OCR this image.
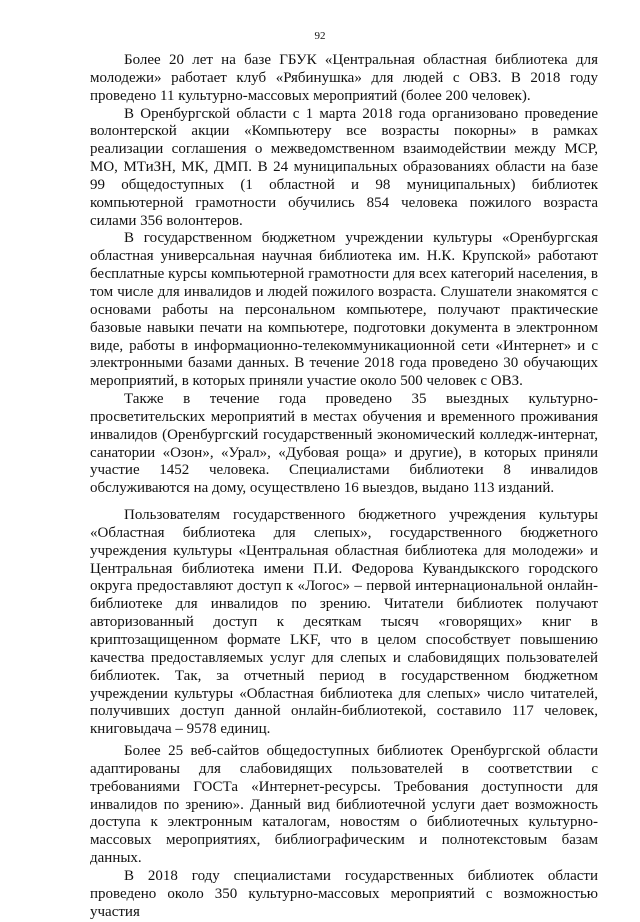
92

Более 20 лет на базе ГБУК «Центральная областная библиотека для молодежи» работает клуб «Рябинушка» для людей с ОВЗ. В 2018 году проведено 11 культурно-массовых мероприятий (более 200 человек).

В Оренбургской области с 1 марта 2018 года организовано проведение волонтерской акции «Компьютеру все возрасты покорны» в рамках реализации соглашения о межведомственном взаимодействии между МСР, МО, МТиЗН, МК, ДМП. В 24 муниципальных образованиях области на базе 99 общедоступных (1 областной и 98 муниципальных) библиотек компьютерной грамотности обучились 854 человека пожилого возраста силами 356 волонтеров.

В государственном бюджетном учреждении культуры «Оренбургская областная универсальная научная библиотека им. Н.К. Крупской» работают бесплатные курсы компьютерной грамотности для всех категорий населения, в том числе для инвалидов и людей пожилого возраста. Слушатели знакомятся с основами работы на персональном компьютере, получают практические базовые навыки печати на компьютере, подготовки документа в электронном виде, работы в информационно-телекоммуникационной сети «Интернет» и с электронными базами данных. В течение 2018 года проведено 30 обучающих мероприятий, в которых приняли участие около 500 человек с ОВЗ.

Также в течение года проведено 35 выездных культурно-просветительских мероприятий в местах обучения и временного проживания инвалидов (Оренбургский государственный экономический колледж-интернат, санатории «Озон», «Урал», «Дубовая роща» и другие), в которых приняли участие 1452 человека. Специалистами библиотеки 8 инвалидов обслуживаются на дому, осуществлено 16 выездов, выдано 113 изданий.

Пользователям государственного бюджетного учреждения культуры «Областная библиотека для слепых», государственного бюджетного учреждения культуры «Центральная областная библиотека для молодежи» и Центральная библиотека имени П.И. Федорова Кувандыкского городского округа предоставляют доступ к «Логос» – первой интернациональной онлайн-библиотеке для инвалидов по зрению. Читатели библиотек получают авторизованный доступ к десяткам тысяч «говорящих» книг в криптозащищенном формате LKF, что в целом способствует повышению качества предоставляемых услуг для слепых и слабовидящих пользователей библиотек. Так, за отчетный период в государственном бюджетном учреждении культуры «Областная библиотека для слепых» число читателей, получивших доступ данной онлайн-библиотекой, составило 117 человек, книговыдача – 9578 единиц.

Более 25 веб-сайтов общедоступных библиотек Оренбургской области адаптированы для слабовидящих пользователей в соответствии с требованиями ГОСТа «Интернет-ресурсы. Требования доступности для инвалидов по зрению». Данный вид библиотечной услуги дает возможность доступа к электронным каталогам, новостям о библиотечных культурно-массовых мероприятиях, библиографическим и полнотекстовым базам данных.

В 2018 году специалистами государственных библиотек области проведено около 350 культурно-массовых мероприятий с возможностью участия
